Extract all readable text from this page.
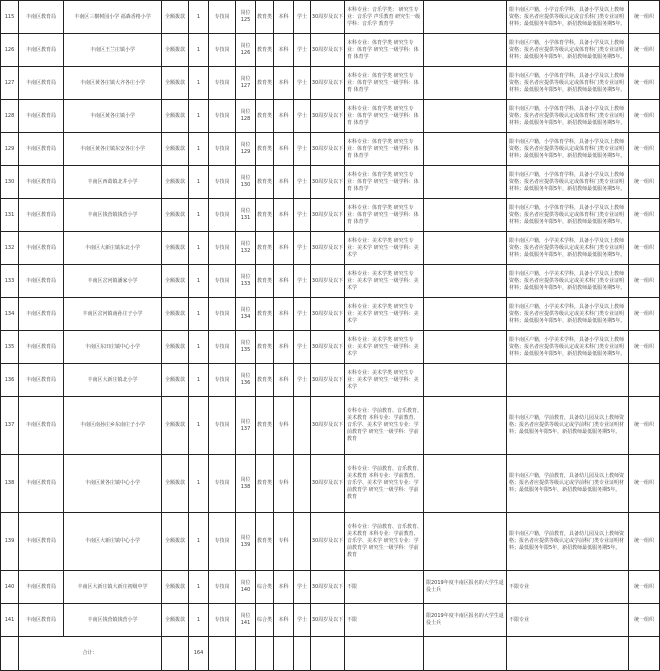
115	丰南区教育局	丰南区三樹树园小学 福森香格小学	全额拨款	1	专技岗	岗位125	教育类	本科	学士	30周岁及以下	本科专业：音乐学类； 研究生专业：音乐学 声乐教育 研究生一级学科：音乐学 教育学		限丰南区户籍，小学音乐学科，具备小学及以上教师资格；报名者应提供等级认定或音乐科门类专业证明材料；最低服务年限5年，新招教师最低服务期5年。	统一组织
126	丰南区教育局	丰南区王兰庄镇小学	全额拨款	1	专技岗	岗位126	教育类	本科	学士	30周岁及以下	本科专业：体育学类 研究生专业：体育学 研究生一级学科：体育 体育学		限丰南区户籍，小学体育学科，具备小学及以上教师资格；报名者应提供等级认定或体育科门类专业证明材料；最低服务年限5年，新招教师最低服务期5年。	统一组织
127	丰南区教育局	丰南区黄各庄镇大齐各庄小学	全额拨款	1	专技岗	岗位127	教育类	本科	学士	30周岁及以下	本科专业：体育学类 研究生专业：体育学 研究生一级学科：体育 体育学		限丰南区户籍，小学体育学科，具备小学及以上教师资格；报名者应提供等级认定或体育科门类专业证明材料；最低服务年限5年，新招教师最低服务期5年。	统一组织
128	丰南区教育局	丰南区黄各庄镇小学	全额拨款	1	专技岗	岗位128	教育类	本科	学士	30周岁及以下	本科专业：体育学类 研究生专业：体育学 研究生一级学科：体育 体育学		限丰南区户籍，小学体育学科，具备小学及以上教师资格；报名者应提供等级认定或体育科门类专业证明材料；最低服务年限5年，新招教师最低服务期5年。	统一组织
129	丰南区教育局	丰南区黄各庄镇东安各庄小学	全额拨款	1	专技岗	岗位129	教育类	本科	学士	30周岁及以下	本科专业：体育学类 研究生专业：体育学 研究生一级学科：体育 体育学		限丰南区户籍，小学体育学科，具备小学及以上教师资格；报名者应提供等级认定或体育科门类专业证明材料；最低服务年限5年，新招教师最低服务期5年。	统一组织
130	丰南区教育局	丰南区西葛镇北井小学	全额拨款	1	专技岗	岗位130	教育类	本科	学士	30周岁及以下	本科专业：体育学类 研究生专业：体育学 研究生一级学科：体育 体育学		限丰南区户籍，小学体育学科，具备小学及以上教师资格；报名者应提供等级认定或体育科门类专业证明材料；最低服务年限5年，新招教师最低服务期5年。	统一组织
131	丰南区教育局	丰南区钱营镇钱营小学	全额拨款	1	专技岗	岗位131	教育类	本科	学士	30周岁及以下	本科专业：体育学类 研究生专业：体育学 研究生一级学科：体育 体育学		限丰南区户籍，小学体育学科，具备小学及以上教师资格；报名者应提供等级认定或体育科门类专业证明材料；最低服务年限5年，新招教师最低服务期5年。	统一组织
132	丰南区教育局	丰南区大新庄镇东北小学	全额拨款	1	专技岗	岗位132	教育类	本科	学士	30周岁及以下	本科专业：美术学类 研究生专业：美术学 研究生一级学科：美术学		限丰南区户籍，小学美术学科，具备小学及以上教师资格；报名者应提供等级认定或美术科门类专业证明材料；最低服务年限5年，新招教师最低服务期5年。	统一组织
133	丰南区教育局	丰南区岔河镇潘家小学	全额拨款	1	专技岗	岗位133	教育类	本科	学士	30周岁及以下	本科专业：美术学类 研究生专业：美术学 研究生一级学科：美术学		限丰南区户籍，小学美术学科，具备小学及以上教师资格；报名者应提供等级认定或美术科门类专业证明材料；最低服务年限5年，新招教师最低服务期5年。	统一组织
134	丰南区教育局	丰南区岔河镇南孙庄子小学	全额拨款	1	专技岗	岗位134	教育类	本科	学士	30周岁及以下	本科专业：美术学类 研究生专业：美术学 研究生一级学科：美术学		限丰南区户籍，小学美术学科，具备小学及以上教师资格；报名者应提供等级认定或美术科门类专业证明材料；最低服务年限5年，新招教师最低服务期5年。	统一组织
135	丰南区教育局	丰南区东田庄镇中心小学	全额拨款	1	专技岗	岗位135	教育类	本科	学士	30周岁及以下	本科专业：美术学类 研究生专业：美术学 研究生一级学科：美术学		限丰南区户籍，小学美术学科，具备小学及以上教师资格；报名者应提供等级认定或美术科门类专业证明材料；最低服务年限5年，新招教师最低服务期5年。	统一组织
136	丰南区教育局	丰南区大新庄镇北小学	全额拨款	1	专技岗	岗位136	教育类	本科	学士	30周岁及以下	本科专业：美术学类 研究生专业：美术学 研究生一级学科：美术学			
137	丰南区教育局	丰南区南孙庄乡东南庄子小学	全额拨款	1	专技岗	岗位137	教育类	专科		30周岁及以下	专科专业：学前教育、音乐教育、美术教育 本科专业：学前教育、音乐学、美术学 研究生专业：学前教育学 研究生一级学科：学前教育		限丰南区户籍，学前教育，具备幼儿园及以上教师资格；报名者应提供等级认定或学前科门类专业证明材料；最低服务年限5年，新招教师最低服务期5年。	统一组织
138	丰南区教育局	丰南区黄各庄镇中心小学	全额拨款	1	专技岗	岗位138	教育类	专科		30周岁及以下	专科专业：学前教育、音乐教育、美术教育 本科专业：学前教育、音乐学、美术学 研究生专业：学前教育学 研究生一级学科：学前教育		限丰南区户籍，学前教育，具备幼儿园及以上教师资格；报名者应提供等级认定或学前科门类专业证明材料；最低服务年限5年，新招教师最低服务期5年。	统一组织
139	丰南区教育局	丰南区大新庄镇中心小学	全额拨款	1	专技岗	岗位139	教育类	专科		30周岁及以下	专科专业：学前教育、音乐教育、美术教育 本科专业：学前教育、音乐学、美术学 研究生专业：学前教育学 研究生一级学科：学前教育		限丰南区户籍，学前教育，具备幼儿园及以上教师资格；报名者应提供等级认定或学前科门类专业证明材料；最低服务年限5年，新招教师最低服务期5年。	统一组织
140	丰南区教育局	丰南区大新庄镇大新庄初级中学	全额拨款	1	专技岗	岗位140	综合类	本科	学士	30周岁及以下	不限	限2019年度丰南区报名的大学生退役士兵	不限专业	统一组织
141	丰南区教育局	丰南区钱营镇钱营小学	全额拨款	1	专技岗	岗位141	综合类	本科	学士	30周岁及以下	不限	限2019年度丰南区报名的大学生退役士兵	不限专业	统一组织
	合计：			164										
